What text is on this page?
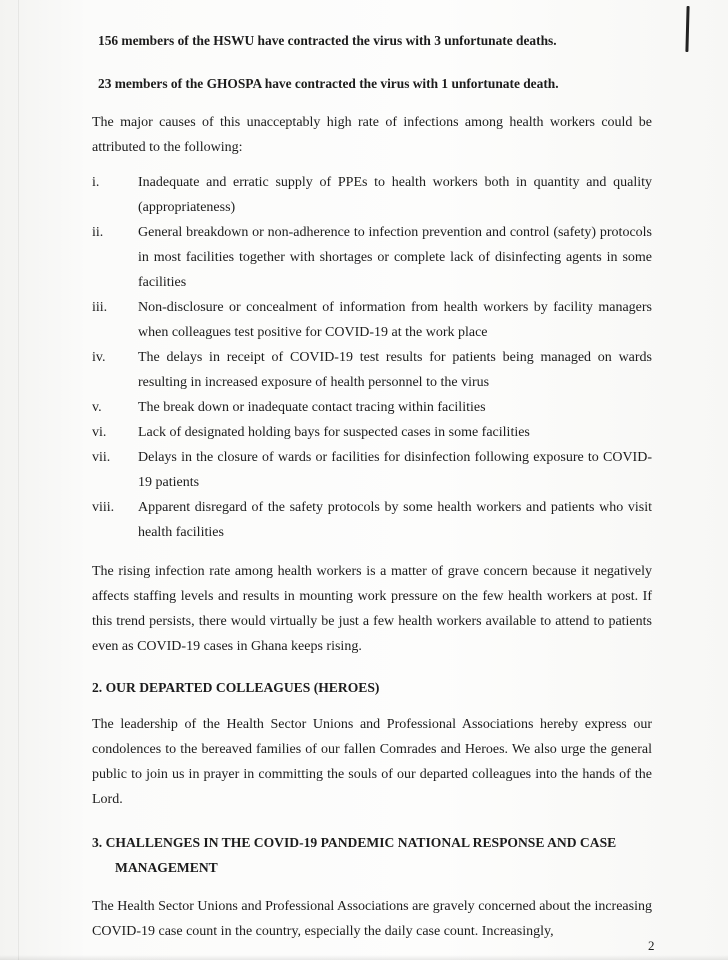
156 members of the HSWU have contracted the virus with 3 unfortunate deaths.

23 members of the GHOSPA have contracted the virus with 1 unfortunate death.

The major causes of this unacceptably high rate of infections among health workers could be attributed to the following:

i.	Inadequate and erratic supply of PPEs to health workers both in quantity and quality (appropriateness)
ii.	General breakdown or non-adherence to infection prevention and control (safety) protocols in most facilities together with shortages or complete lack of disinfecting agents in some facilities
iii.	Non-disclosure or concealment of information from health workers by facility managers when colleagues test positive for COVID-19 at the work place
iv.	The delays in receipt of COVID-19 test results for patients being managed on wards resulting in increased exposure of health personnel to the virus
v.	The break down or inadequate contact tracing within facilities
vi.	Lack of designated holding bays for suspected cases in some facilities
vii.	Delays in the closure of wards or facilities for disinfection following exposure to COVID-19 patients
viii.	Apparent disregard of the safety protocols by some health workers and patients who visit health facilities

The rising infection rate among health workers is a matter of grave concern because it negatively affects staffing levels and results in mounting work pressure on the few health workers at post. If this trend persists, there would virtually be just a few health workers available to attend to patients even as COVID-19 cases in Ghana keeps rising.

2. OUR DEPARTED COLLEAGUES (HEROES)

The leadership of the Health Sector Unions and Professional Associations hereby express our condolences to the bereaved families of our fallen Comrades and Heroes. We also urge the general public to join us in prayer in committing the souls of our departed colleagues into the hands of the Lord.

3. CHALLENGES IN THE COVID-19 PANDEMIC NATIONAL RESPONSE AND CASE MANAGEMENT

The Health Sector Unions and Professional Associations are gravely concerned about the increasing COVID-19 case count in the country, especially the daily case count. Increasingly,

2
